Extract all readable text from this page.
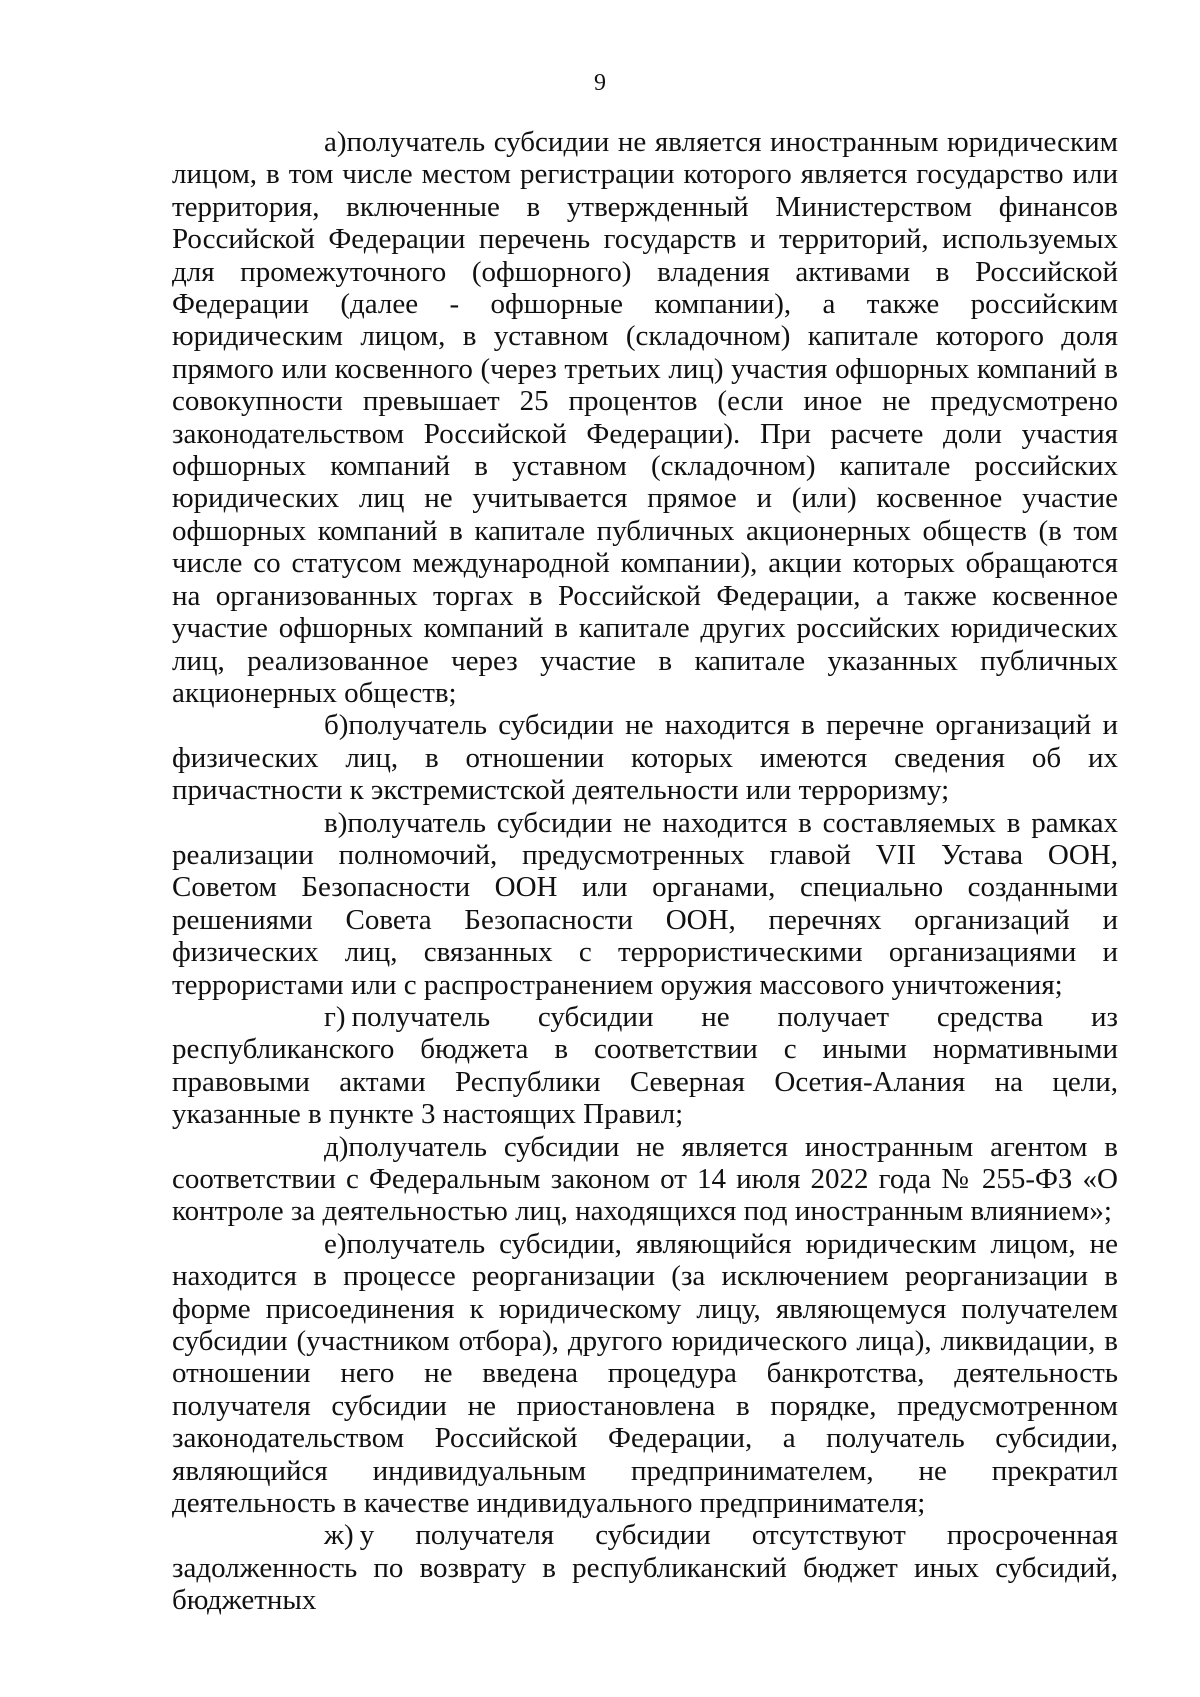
9

а)получатель субсидии не является иностранным юридическим лицом, в том числе местом регистрации которого является государство или территория, включенные в утвержденный Министерством финансов Российской Федерации перечень государств и территорий, используемых для промежуточного (офшорного) владения активами в Российской Федерации (далее - офшорные компании), а также российским юридическим лицом, в уставном (складочном) капитале которого доля прямого или косвенного (через третьих лиц) участия офшорных компаний в совокупности превышает 25 процентов (если иное не предусмотрено законодательством Российской Федерации). При расчете доли участия офшорных компаний в уставном (складочном) капитале российских юридических лиц не учитывается прямое и (или) косвенное участие офшорных компаний в капитале публичных акционерных обществ (в том числе со статусом международной компании), акции которых обращаются на организованных торгах в Российской Федерации, а также косвенное участие офшорных компаний в капитале других российских юридических лиц, реализованное через участие в капитале указанных публичных акционерных обществ;

б)получатель субсидии не находится в перечне организаций и физических лиц, в отношении которых имеются сведения об их причастности к экстремистской деятельности или терроризму;

в)получатель субсидии не находится в составляемых в рамках реализации полномочий, предусмотренных главой VII Устава ООН, Советом Безопасности ООН или органами, специально созданными решениями Совета Безопасности ООН, перечнях организаций и физических лиц, связанных с террористическими организациями и террористами или с распространением оружия массового уничтожения;

г) получатель субсидии не получает средства из республиканского бюджета в соответствии с иными нормативными правовыми актами Республики Северная Осетия-Алания на цели, указанные в пункте 3 настоящих Правил;

д)получатель субсидии не является иностранным агентом в соответствии с Федеральным законом от 14 июля 2022 года № 255-ФЗ «О контроле за деятельностью лиц, находящихся под иностранным влиянием»;

е)получатель субсидии, являющийся юридическим лицом, не находится в процессе реорганизации (за исключением реорганизации в форме присоединения к юридическому лицу, являющемуся получателем субсидии (участником отбора), другого юридического лица), ликвидации, в отношении него не введена процедура банкротства, деятельность получателя субсидии не приостановлена в порядке, предусмотренном законодательством Российской Федерации, а получатель субсидии, являющийся индивидуальным предпринимателем, не прекратил деятельность в качестве индивидуального предпринимателя;

ж) у получателя субсидии отсутствуют просроченная задолженность по возврату в республиканский бюджет иных субсидий, бюджетных
